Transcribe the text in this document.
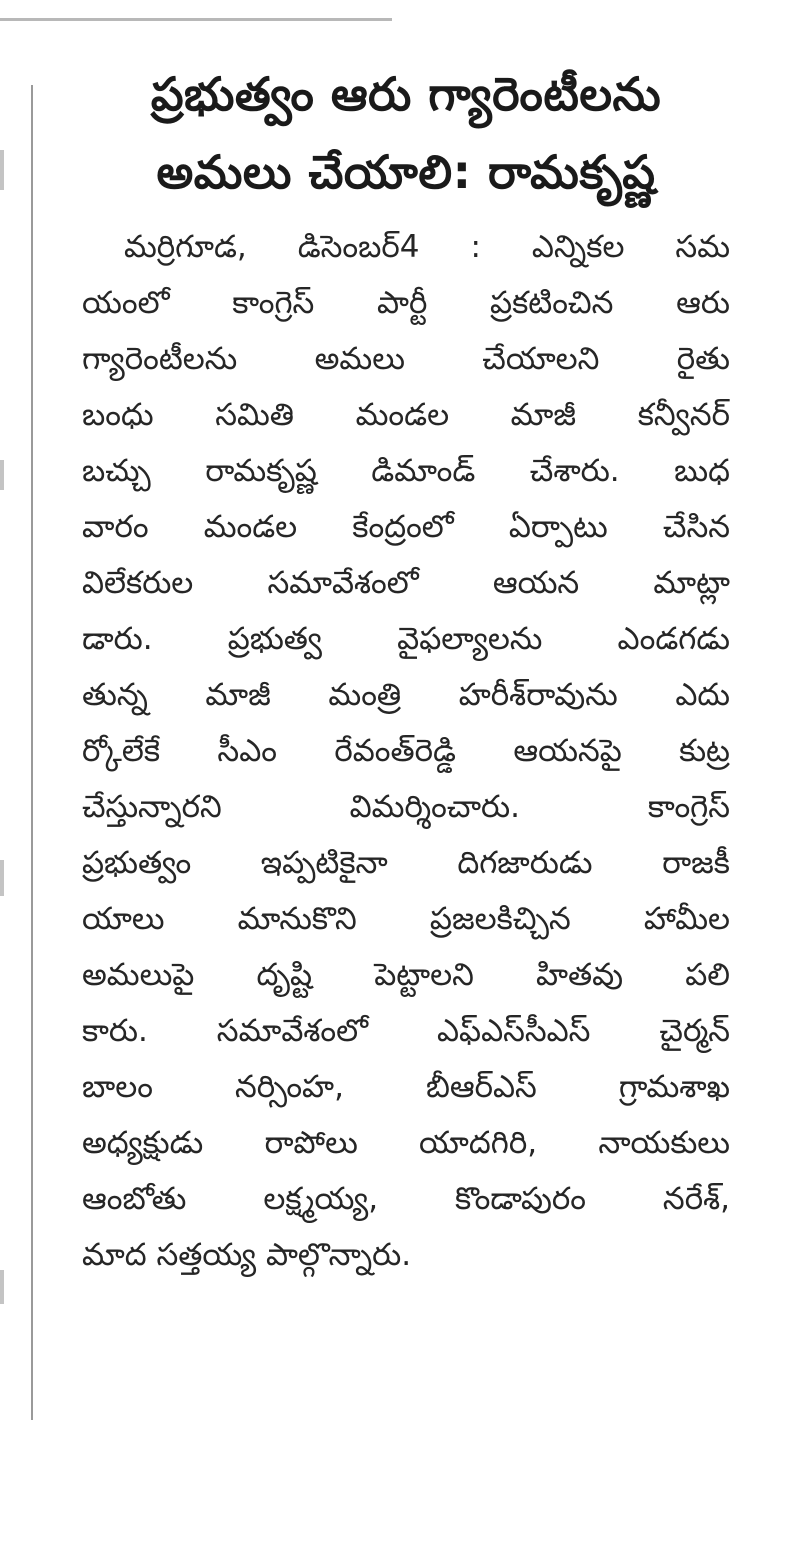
ప్రభుత్వం ఆరు గ్యారెంటీలను
అమలు చేయాలి: రామకృష్ణ
మర్రిగూడ, డిసెంబర్4 : ఎన్నికల సమ
యంలో కాంగ్రెస్ పార్టీ ప్రకటించిన ఆరు
గ్యారెంటీలను అమలు చేయాలని రైతు
బంధు సమితి మండల మాజీ కన్వీనర్
బచ్చు రామకృష్ణ డిమాండ్ చేశారు. బుధ
వారం మండల కేంద్రంలో ఏర్పాటు చేసిన
విలేకరుల సమావేశంలో ఆయన మాట్లా
డారు. ప్రభుత్వ వైఫల్యాలను ఎండగడు
తున్న మాజీ మంత్రి హరీశ్‌రావును ఎదు
ర్కోలేకే సీఎం రేవంత్‌రెడ్డి ఆయనపై కుట్ర
చేస్తున్నారని విమర్శించారు. కాంగ్రెస్
ప్రభుత్వం ఇప్పటికైనా దిగజారుడు రాజకీ
యాలు మానుకొని ప్రజలకిచ్చిన హామీల
అమలుపై దృష్టి పెట్టాలని హితవు పలి
కారు. సమావేశంలో ఎఫ్‌ఎస్‌సీఎస్ చైర్మన్
బాలం నర్సింహ, బీఆర్‌ఎస్ గ్రామశాఖ
అధ్యక్షుడు రాపోలు యాదగిరి, నాయకులు
ఆంబోతు లక్ష్మయ్య, కొండాపురం నరేశ్,
మాద సత్తయ్య పాల్గొన్నారు.
